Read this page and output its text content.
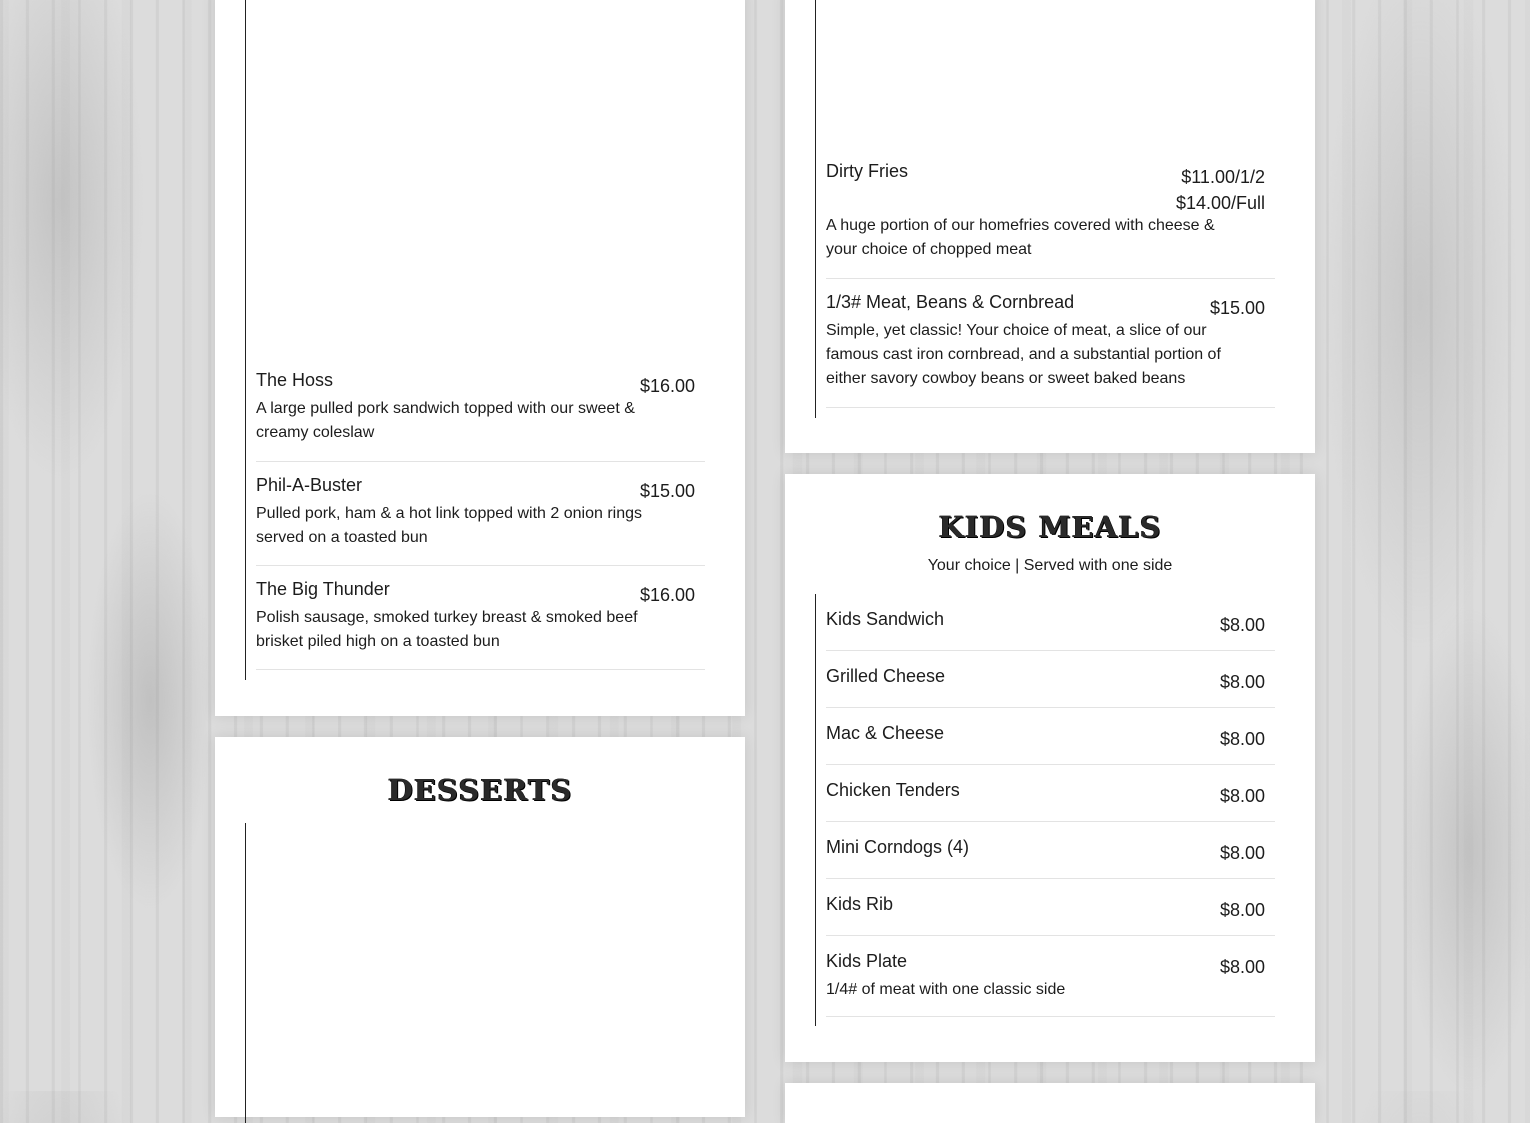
The Hoss	$16.00
A large pulled pork sandwich topped with our sweet & creamy coleslaw
Phil-A-Buster	$15.00
Pulled pork, ham & a hot link topped with 2 onion rings served on a toasted bun
The Big Thunder	$16.00
Polish sausage, smoked turkey breast & smoked beef brisket piled high on a toasted bun
DESSERTS
Dirty Fries	$11.00/1/2
$14.00/Full
A huge portion of our homefries covered with cheese & your choice of chopped meat
1/3# Meat, Beans & Cornbread	$15.00
Simple, yet classic! Your choice of meat, a slice of our famous cast iron cornbread, and a substantial portion of either savory cowboy beans or sweet baked beans
KIDS MEALS
Your choice | Served with one side
Kids Sandwich	$8.00
Grilled Cheese	$8.00
Mac & Cheese	$8.00
Chicken Tenders	$8.00
Mini Corndogs (4)	$8.00
Kids Rib	$8.00
Kids Plate	$8.00
1/4# of meat with one classic side
